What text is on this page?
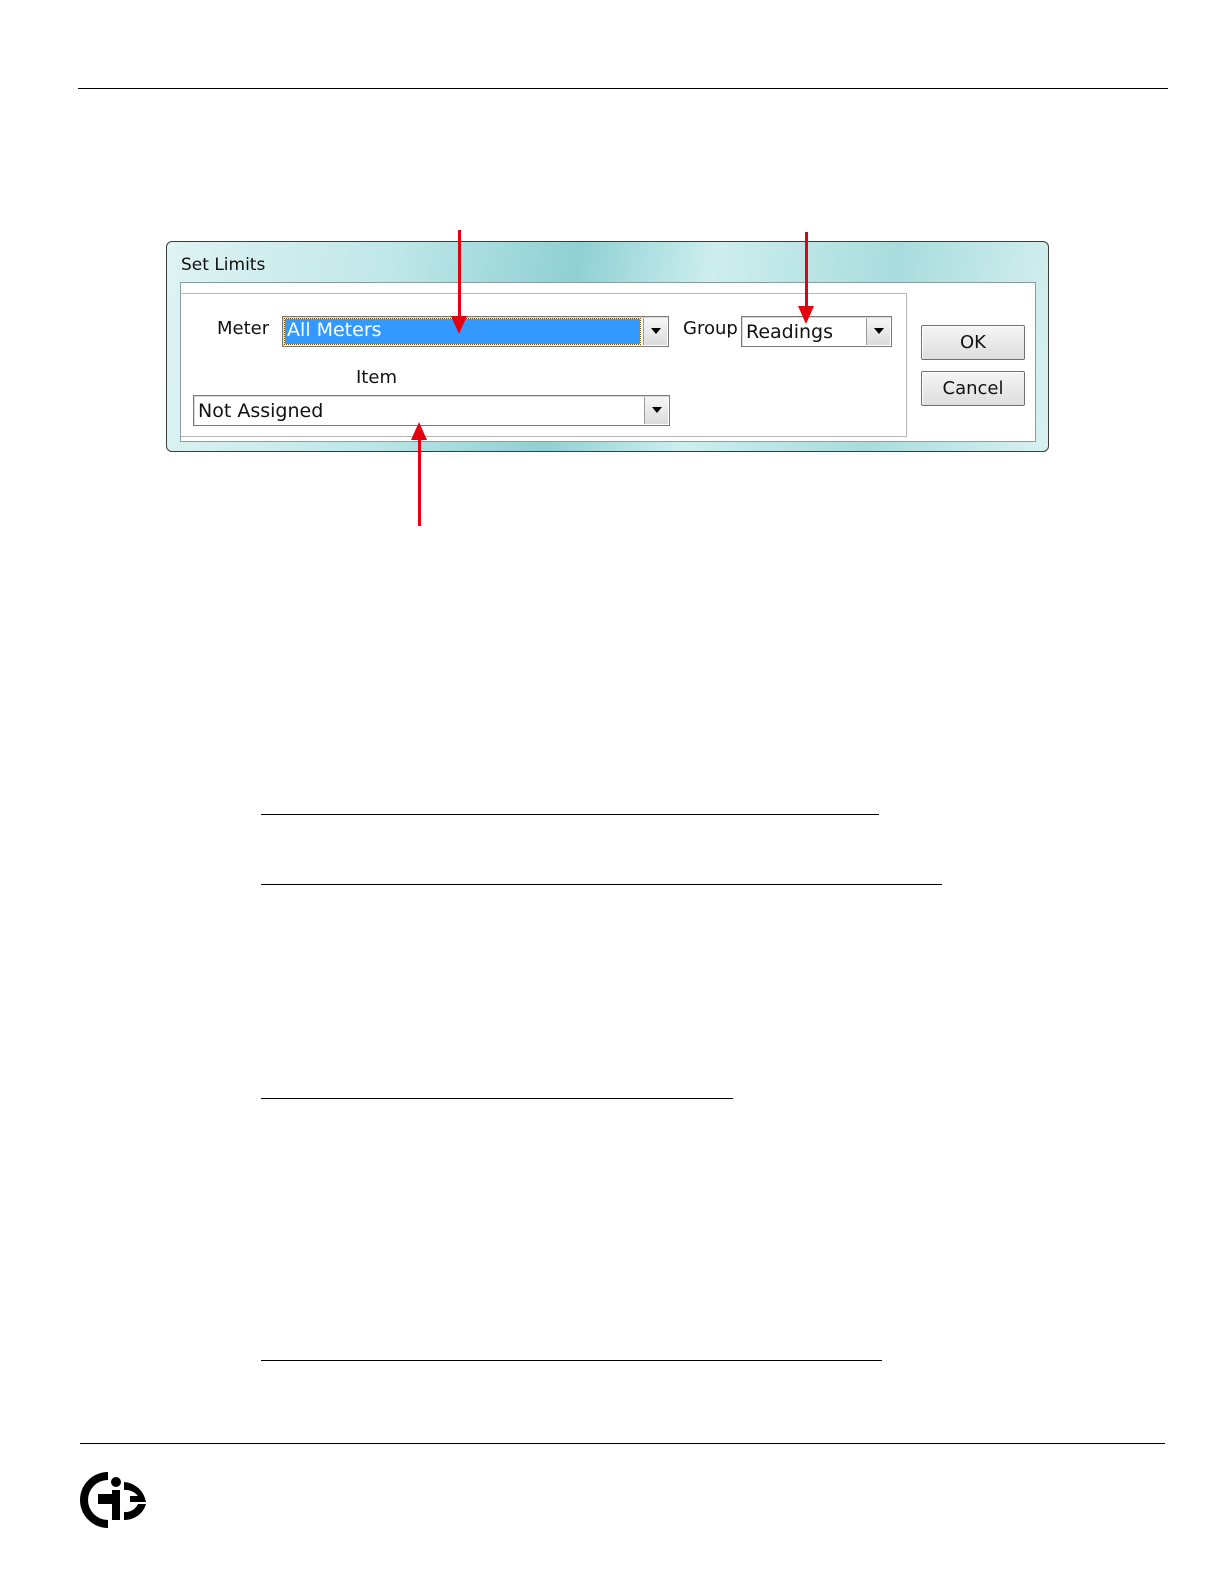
Set Limits
Meter All Meters	Group Readings
Item
Not Assigned
OK
Cancel
